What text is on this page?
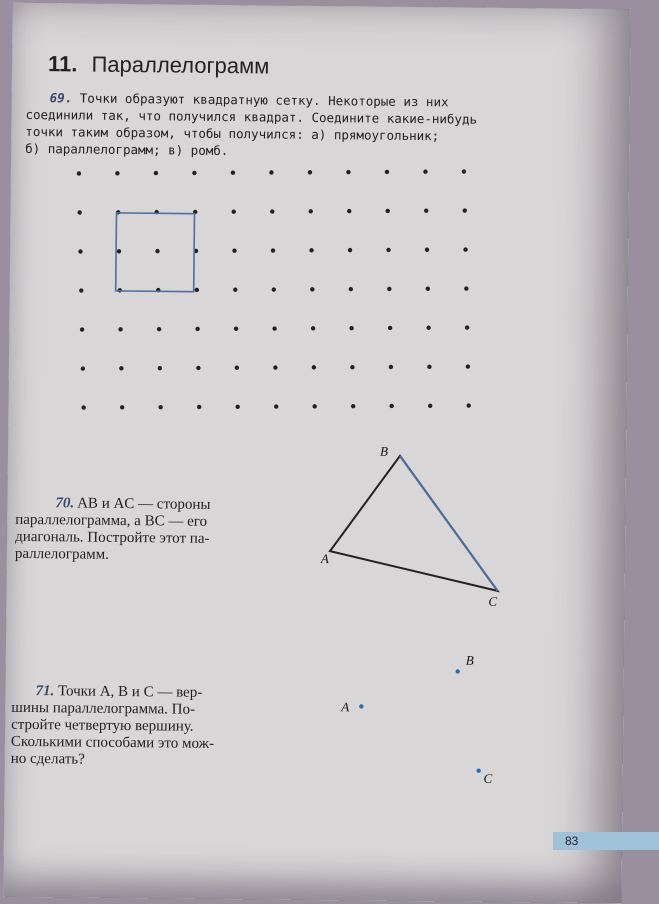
11. Параллелограмм
69. Точки образуют квадратную сетку. Некоторые из них
соединили так, что получился квадрат. Соедините какие-нибудь
точки таким образом, чтобы получился: а) прямоугольник;
б) параллелограмм; в) ромб.
B
A
C
B
A
C
70. AB и AC — стороны
параллелограмма, а BC — его
диагональ. Постройте этот па-
раллелограмм.
71. Точки A, B и C — вер-
шины параллелограмма. По-
стройте четвертую вершину.
Сколькими способами это мож-
но сделать?
83
